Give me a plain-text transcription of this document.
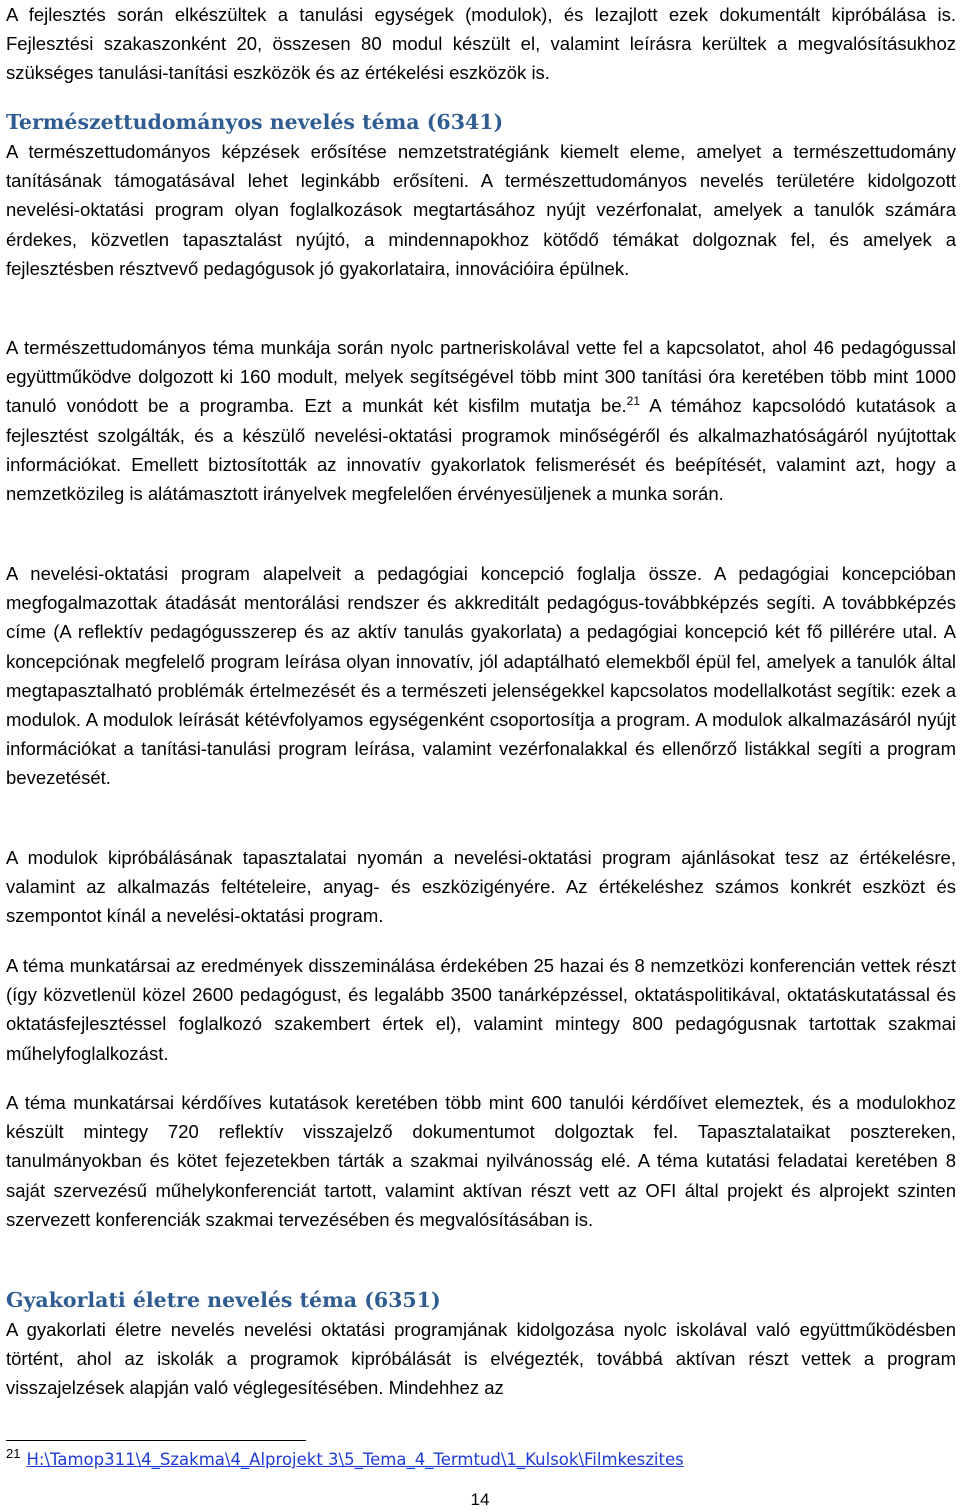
A fejlesztés során elkészültek a tanulási egységek (modulok), és lezajlott ezek dokumentált kipróbálása is. Fejlesztési szakaszonként 20, összesen 80 modul készült el, valamint leírásra kerültek a megvalósításukhoz szükséges tanulási-tanítási eszközök és az értékelési eszközök is.

Természettudományos nevelés téma (6341)

A természettudományos képzések erősítése nemzetstratégiánk kiemelt eleme, amelyet a természettudomány tanításának támogatásával lehet leginkább erősíteni. A természettudományos nevelés területére kidolgozott nevelési-oktatási program olyan foglalkozások megtartásához nyújt vezérfonalat, amelyek a tanulók számára érdekes, közvetlen tapasztalást nyújtó, a mindennapokhoz kötődő témákat dolgoznak fel, és amelyek a fejlesztésben résztvevő pedagógusok jó gyakorlataira, innovációira épülnek.

A természettudományos téma munkája során nyolc partneriskolával vette fel a kapcsolatot, ahol 46 pedagógussal együttműködve dolgozott ki 160 modult, melyek segítségével több mint 300 tanítási óra keretében több mint 1000 tanuló vonódott be a programba. Ezt a munkát két kisfilm mutatja be.$^{21}$ A témához kapcsolódó kutatások a fejlesztést szolgálták, és a készülő nevelési-oktatási programok minőségéről és alkalmazhatóságáról nyújtottak információkat. Emellett biztosították az innovatív gyakorlatok felismerését és beépítését, valamint azt, hogy a nemzetközileg is alátámasztott irányelvek megfelelően érvényesüljenek a munka során.

A nevelési-oktatási program alapelveit a pedagógiai koncepció foglalja össze. A pedagógiai koncepcióban megfogalmazottak átadását mentorálási rendszer és akkreditált pedagógus-továbbképzés segíti. A továbbképzés címe (A reflektív pedagógusszerep és az aktív tanulás gyakorlata) a pedagógiai koncepció két fő pillérére utal. A koncepciónak megfelelő program leírása olyan innovatív, jól adaptálható elemekből épül fel, amelyek a tanulók által megtapasztalható problémák értelmezését és a természeti jelenségekkel kapcsolatos modellalkotást segítik: ezek a modulok. A modulok leírását kétévfolyamos egységenként csoportosítja a program. A modulok alkalmazásáról nyújt információkat a tanítási-tanulási program leírása, valamint vezérfonalakkal és ellenőrző listákkal segíti a program bevezetését.

A modulok kipróbálásának tapasztalatai nyomán a nevelési-oktatási program ajánlásokat tesz az értékelésre, valamint az alkalmazás feltételeire, anyag- és eszközigényére. Az értékeléshez számos konkrét eszközt és szempontot kínál a nevelési-oktatási program.

A téma munkatársai az eredmények disszeminálása érdekében 25 hazai és 8 nemzetközi konferencián vettek részt (így közvetlenül közel 2600 pedagógust, és legalább 3500 tanárképzéssel, oktatáspolitikával, oktatáskutatással és oktatásfejlesztéssel foglalkozó szakembert értek el), valamint mintegy 800 pedagógusnak tartottak szakmai műhelyfoglalkozást.

A téma munkatársai kérdőíves kutatások keretében több mint 600 tanulói kérdőívet elemeztek, és a modulokhoz készült mintegy 720 reflektív visszajelző dokumentumot dolgoztak fel. Tapasztalataikat posztereken, tanulmányokban és kötet fejezetekben tárták a szakmai nyilvánosság elé. A téma kutatási feladatai keretében 8 saját szervezésű műhelykonferenciát tartott, valamint aktívan részt vett az OFI által projekt és alprojekt szinten szervezett konferenciák szakmai tervezésében és megvalósításában is.

Gyakorlati életre nevelés téma (6351)

A gyakorlati életre nevelés nevelési oktatási programjának kidolgozása nyolc iskolával való együttműködésben történt, ahol az iskolák a programok kipróbálását is elvégezték, továbbá aktívan részt vettek a program visszajelzések alapján való véglegesítésében. Mindehhez az

$^{21}$ H:\Tamop311\4_Szakma\4_Alprojekt 3\5_Tema_4_Termtud\1_Kulsok\Filmkeszites
14
